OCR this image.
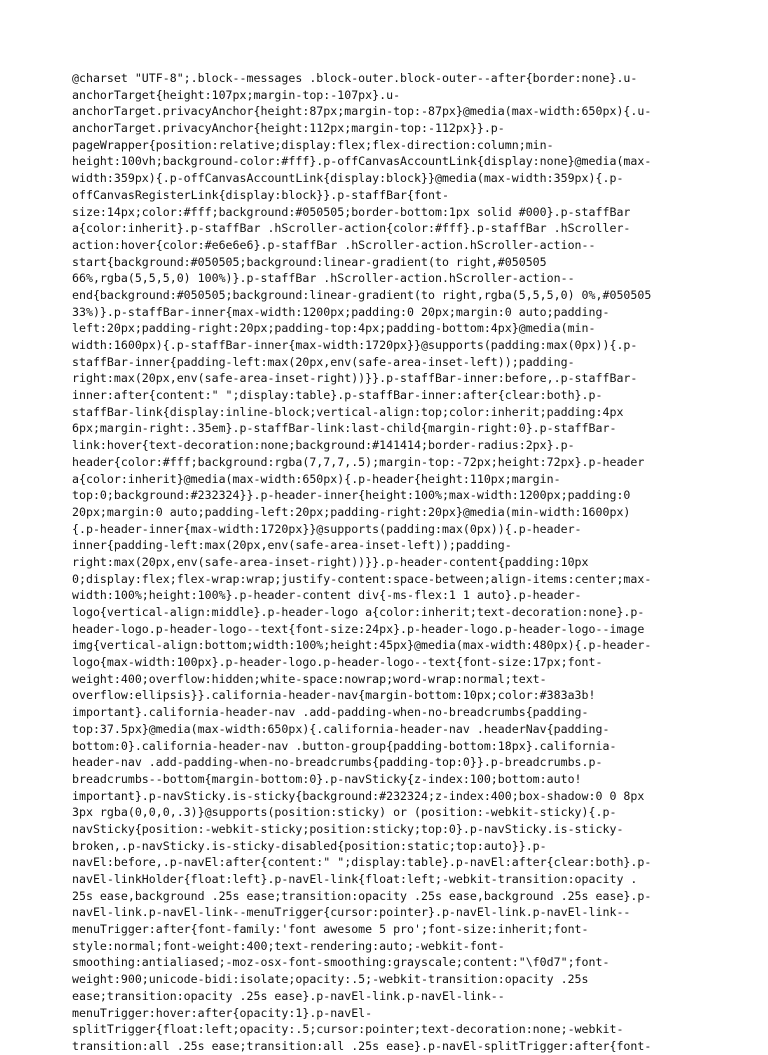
@charset "UTF-8";.block--messages .block-outer.block-outer--after{border:none}.u-
anchorTarget{height:107px;margin-top:-107px}.u-
anchorTarget.privacyAnchor{height:87px;margin-top:-87px}@media(max-width:650px){.u-
anchorTarget.privacyAnchor{height:112px;margin-top:-112px}}.p-
pageWrapper{position:relative;display:flex;flex-direction:column;min-
height:100vh;background-color:#fff}.p-offCanvasAccountLink{display:none}@media(max-
width:359px){.p-offCanvasAccountLink{display:block}}@media(max-width:359px){.p-
offCanvasRegisterLink{display:block}}.p-staffBar{font-
size:14px;color:#fff;background:#050505;border-bottom:1px solid #000}.p-staffBar
a{color:inherit}.p-staffBar .hScroller-action{color:#fff}.p-staffBar .hScroller-
action:hover{color:#e6e6e6}.p-staffBar .hScroller-action.hScroller-action--
start{background:#050505;background:linear-gradient(to right,#050505
66%,rgba(5,5,5,0) 100%)}.p-staffBar .hScroller-action.hScroller-action--
end{background:#050505;background:linear-gradient(to right,rgba(5,5,5,0) 0%,#050505
33%)}.p-staffBar-inner{max-width:1200px;padding:0 20px;margin:0 auto;padding-
left:20px;padding-right:20px;padding-top:4px;padding-bottom:4px}@media(min-
width:1600px){.p-staffBar-inner{max-width:1720px}}@supports(padding:max(0px)){.p-
staffBar-inner{padding-left:max(20px,env(safe-area-inset-left));padding-
right:max(20px,env(safe-area-inset-right))}}.p-staffBar-inner:before,.p-staffBar-
inner:after{content:" ";display:table}.p-staffBar-inner:after{clear:both}.p-
staffBar-link{display:inline-block;vertical-align:top;color:inherit;padding:4px
6px;margin-right:.35em}.p-staffBar-link:last-child{margin-right:0}.p-staffBar-
link:hover{text-decoration:none;background:#141414;border-radius:2px}.p-
header{color:#fff;background:rgba(7,7,7,.5);margin-top:-72px;height:72px}.p-header
a{color:inherit}@media(max-width:650px){.p-header{height:110px;margin-
top:0;background:#232324}}.p-header-inner{height:100%;max-width:1200px;padding:0
20px;margin:0 auto;padding-left:20px;padding-right:20px}@media(min-width:1600px)
{.p-header-inner{max-width:1720px}}@supports(padding:max(0px)){.p-header-
inner{padding-left:max(20px,env(safe-area-inset-left));padding-
right:max(20px,env(safe-area-inset-right))}}.p-header-content{padding:10px
0;display:flex;flex-wrap:wrap;justify-content:space-between;align-items:center;max-
width:100%;height:100%}.p-header-content div{-ms-flex:1 1 auto}.p-header-
logo{vertical-align:middle}.p-header-logo a{color:inherit;text-decoration:none}.p-
header-logo.p-header-logo--text{font-size:24px}.p-header-logo.p-header-logo--image
img{vertical-align:bottom;width:100%;height:45px}@media(max-width:480px){.p-header-
logo{max-width:100px}.p-header-logo.p-header-logo--text{font-size:17px;font-
weight:400;overflow:hidden;white-space:nowrap;word-wrap:normal;text-
overflow:ellipsis}}.california-header-nav{margin-bottom:10px;color:#383a3b!
important}.california-header-nav .add-padding-when-no-breadcrumbs{padding-
top:37.5px}@media(max-width:650px){.california-header-nav .headerNav{padding-
bottom:0}.california-header-nav .button-group{padding-bottom:18px}.california-
header-nav .add-padding-when-no-breadcrumbs{padding-top:0}}.p-breadcrumbs.p-
breadcrumbs--bottom{margin-bottom:0}.p-navSticky{z-index:100;bottom:auto!
important}.p-navSticky.is-sticky{background:#232324;z-index:400;box-shadow:0 0 8px
3px rgba(0,0,0,.3)}@supports(position:sticky) or (position:-webkit-sticky){.p-
navSticky{position:-webkit-sticky;position:sticky;top:0}.p-navSticky.is-sticky-
broken,.p-navSticky.is-sticky-disabled{position:static;top:auto}}.p-
navEl:before,.p-navEl:after{content:" ";display:table}.p-navEl:after{clear:both}.p-
navEl-linkHolder{float:left}.p-navEl-link{float:left;-webkit-transition:opacity .
25s ease,background .25s ease;transition:opacity .25s ease,background .25s ease}.p-
navEl-link.p-navEl-link--menuTrigger{cursor:pointer}.p-navEl-link.p-navEl-link--
menuTrigger:after{font-family:'font awesome 5 pro';font-size:inherit;font-
style:normal;font-weight:400;text-rendering:auto;-webkit-font-
smoothing:antialiased;-moz-osx-font-smoothing:grayscale;content:"\f0d7";font-
weight:900;unicode-bidi:isolate;opacity:.5;-webkit-transition:opacity .25s
ease;transition:opacity .25s ease}.p-navEl-link.p-navEl-link--
menuTrigger:hover:after{opacity:1}.p-navEl-
splitTrigger{float:left;opacity:.5;cursor:pointer;text-decoration:none;-webkit-
transition:all .25s ease;transition:all .25s ease}.p-navEl-splitTrigger:after{font-
